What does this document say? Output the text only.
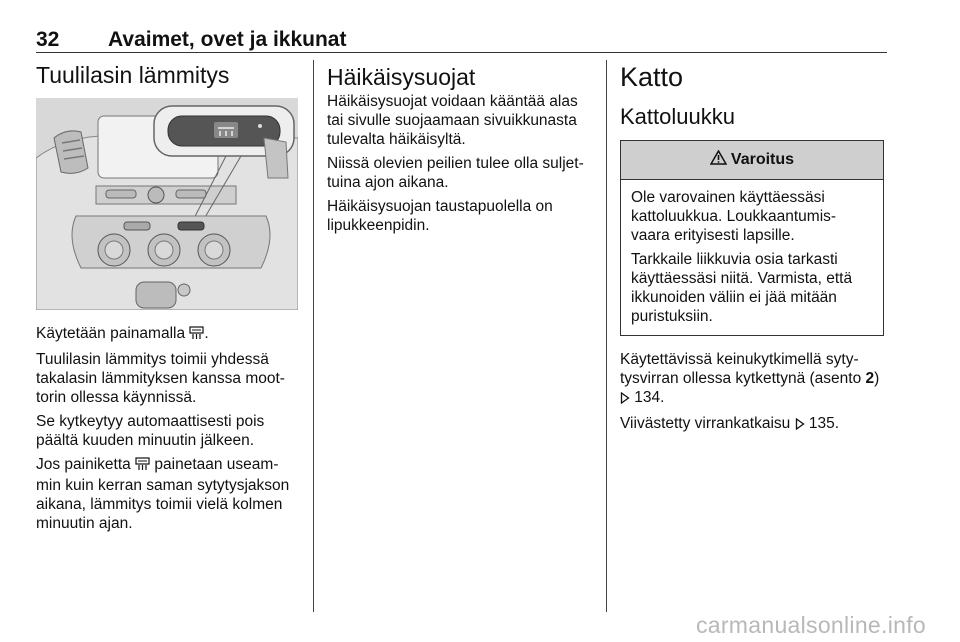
32 Avaimet, ovet ja ikkunat
Tuulilasin lämmitys

Käytetään painamalla .

Tuulilasin lämmitys toimii yhdessä takalasin lämmityksen kanssa moot-torin ollessa käynnissä.

Se kytkeytyy automaattisesti pois päältä kuuden minuutin jälkeen.

Jos painiketta  painetaan useam-min kuin kerran saman sytytysjakson aikana, lämmitys toimii vielä kolmen minuutin ajan.

Häikäisysuojat

Häikäisysuojat voidaan kääntää alas tai sivulle suojaamaan sivuikkunasta tulevalta häikäisyltä.

Niissä olevien peilien tulee olla suljet-tuina ajon aikana.

Häikäisysuojan taustapuolella on lipukkeenpidin.

Katto
Kattoluukku
Varoitus

Ole varovainen käyttäessäsi kattoluukkua. Loukkaantumis-vaara erityisesti lapsille.

Tarkkaile liikkuvia osia tarkasti käyttäessäsi niitä. Varmista, että ikkunoiden väliin ei jää mitään puristuksiin.

Käytettävissä keinukytkimellä syty-tysvirran ollessa kytkettynä (asento 2)
134.

Viivästetty virrankatkaisu  135.

carmanualsonline.info
